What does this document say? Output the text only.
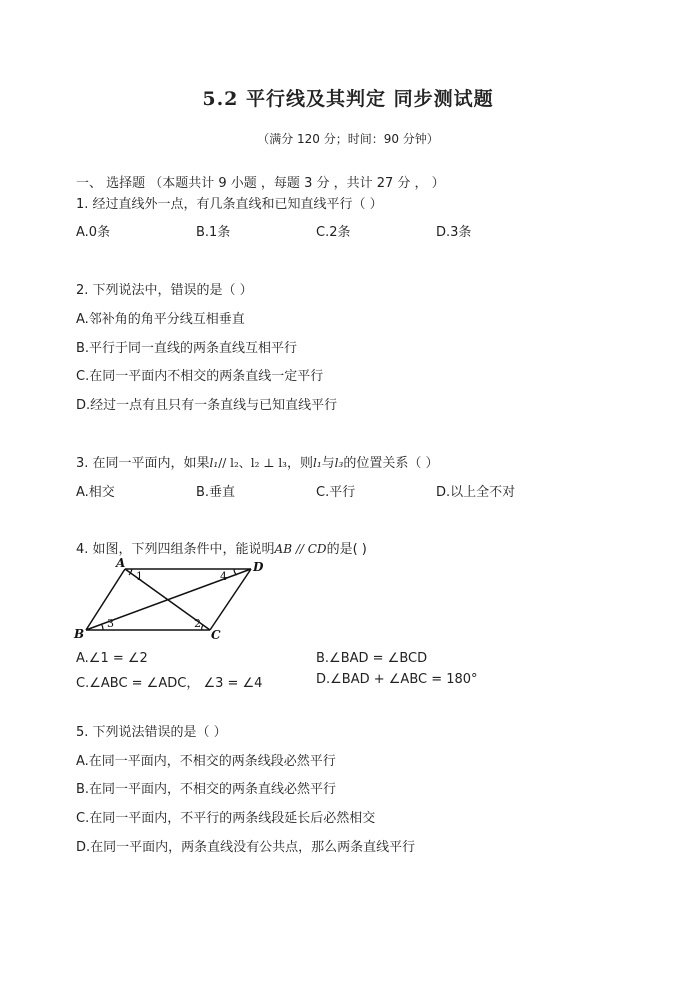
5.2 平行线及其判定 同步测试题
（满分 120 分；时间：90 分钟）
一、 选择题 （本题共计 9 小题 ，每题 3 分 ，共计 27 分 ， ）
1. 经过直线外一点，有几条直线和已知直线平行（ ）
A.0条	B.1条	C.2条	D.3条
2. 下列说法中，错误的是（ ）
A.邻补角的角平分线互相垂直
B.平行于同一直线的两条直线互相平行
C.在同一平面内不相交的两条直线一定平行
D.经过一点有且只有一条直线与已知直线平行
3. 在同一平面内，如果l₁// l₂、l₂ ⊥ l₃，则l₁与l₃的位置关系（ ）
A.相交	B.垂直	C.平行	D.以上全不对
4. 如图，下列四组条件中，能说明AB // CD的是( )
A	D
B	C
1	4
3	2
A.∠1 = ∠2	B.∠BAD = ∠BCD
C.∠ABC = ∠ADC， ∠3 = ∠4	D.∠BAD + ∠ABC = 180°
5. 下列说法错误的是（ ）
A.在同一平面内，不相交的两条线段必然平行
B.在同一平面内，不相交的两条直线必然平行
C.在同一平面内，不平行的两条线段延长后必然相交
D.在同一平面内，两条直线没有公共点，那么两条直线平行
